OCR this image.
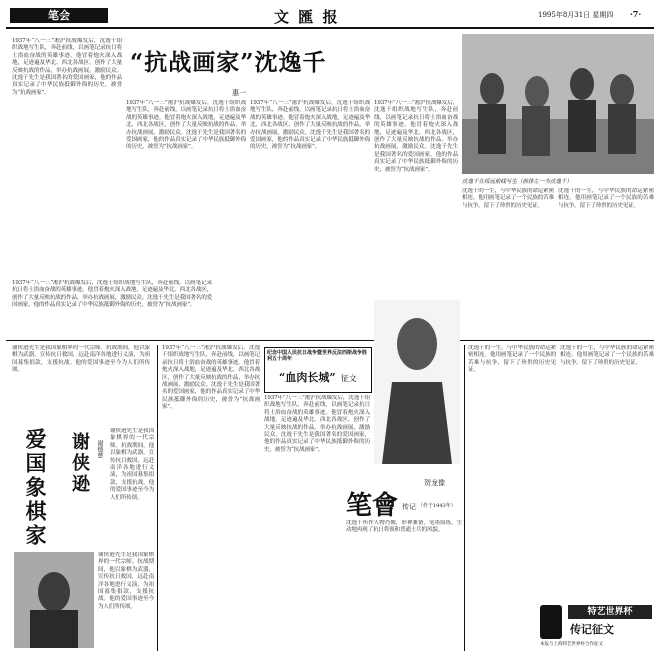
笔会	文 匯 报	1995年8月31日 星期四 ·7·
“抗战画家”沈逸千
惠一
1937年“八一三”凇沪抗战爆发后，沈逸千组织战地写生队，奔赴前线，以画笔记录抗日将士浴血奋战的英雄事迹。他冒着炮火深入战地，足迹遍及华北、西北各战区，创作了大量反映抗战的作品，举办抗战画展，激励民众。沈逸千先生是我国著名的爱国画家，他的作品真实记录了中华民族抵御外侮的历史，被誉为“抗战画家”。
1937年“八一三”凇沪抗战爆发后，沈逸千组织战地写生队，奔赴前线，以画笔记录抗日将士浴血奋战的英雄事迹。他冒着炮火深入战地，足迹遍及华北、西北各战区，创作了大量反映抗战的作品，举办抗战画展，激励民众。沈逸千先生是我国著名的爱国画家，他的作品真实记录了中华民族抵御外侮的历史，被誉为“抗战画家”。
1937年“八一三”凇沪抗战爆发后，沈逸千组织战地写生队，奔赴前线，以画笔记录抗日将士浴血奋战的英雄事迹。他冒着炮火深入战地，足迹遍及华北、西北各战区，创作了大量反映抗战的作品，举办抗战画展，激励民众。沈逸千先生是我国著名的爱国画家，他的作品真实记录了中华民族抵御外侮的历史，被誉为“抗战画家”。
1937年“八一三”凇沪抗战爆发后，沈逸千组织战地写生队，奔赴前线，以画笔记录抗日将士浴血奋战的英雄事迹。他冒着炮火深入战地，足迹遍及华北、西北各战区，创作了大量反映抗战的作品，举办抗战画展，激励民众。沈逸千先生是我国著名的爱国画家，他的作品真实记录了中华民族抵御外侮的历史，被誉为“抗战画家”。
1937年“八一三”凇沪抗战爆发后，沈逸千组织战地写生队，奔赴前线，以画笔记录抗日将士浴血奋战的英雄事迹。他冒着炮火深入战地，足迹遍及华北、西北各战区，创作了大量反映抗战的作品，举办抗战画展，激励民众。沈逸千先生是我国著名的爱国画家，他的作品真实记录了中华民族抵御外侮的历史，被誉为“抗战画家”。
沈逸千在绥远前线写生（前排左一为沈逸千）
沈逸千的一生，与中华民族的命运紧密相连。他用画笔记录了一个民族的苦难与抗争，留下了珍贵的历史见证。
沈逸千的一生，与中华民族的命运紧密相连。他用画笔记录了一个民族的苦难与抗争，留下了珍贵的历史见证。
谢侠逊先生是我国象棋界的一代宗师。抗战期间，他以象棋为武器，宣传抗日救国，远赴南洋各地进行义演，为祖国募集捐款，支援抗战。他的爱国事迹至今为人们所传颂。
爱国象棋家 谢侠逊	谢德慈
谢侠逊先生是我国象棋界的一代宗师。抗战期间，他以象棋为武器，宣传抗日救国，远赴南洋各地进行义演，为祖国募集捐款，支援抗战。他的爱国事迹至今为人们所传颂。
谢侠逊先生是我国象棋界的一代宗师。抗战期间，他以象棋为武器，宣传抗日救国，远赴南洋各地进行义演，为祖国募集捐款，支援抗战。他的爱国事迹至今为人们所传颂。
1937年“八一三”凇沪抗战爆发后，沈逸千组织战地写生队，奔赴前线，以画笔记录抗日将士浴血奋战的英雄事迹。他冒着炮火深入战地，足迹遍及华北、西北各战区，创作了大量反映抗战的作品，举办抗战画展，激励民众。沈逸千先生是我国著名的爱国画家，他的作品真实记录了中华民族抵御外侮的历史，被誉为“抗战画家”。
纪念中国人民抗日战争暨世界反法西斯战争胜利五十周年
“血肉长城” 征文
1937年“八一三”凇沪抗战爆发后，沈逸千组织战地写生队，奔赴前线，以画笔记录抗日将士浴血奋战的英雄事迹。他冒着炮火深入战地，足迹遍及华北、西北各战区，创作了大量反映抗战的作品，举办抗战画展，激励民众。沈逸千先生是我国著名的爱国画家，他的作品真实记录了中华民族抵御外侮的历史，被誉为“抗战画家”。
笔會 传记
贺龙像
（作于1943年）
沈逸千所作人物肖像，形神兼备，笔墨简练，生动地再现了抗日将领和普通士兵的风貌。
沈逸千的一生，与中华民族的命运紧密相连。他用画笔记录了一个民族的苦难与抗争，留下了珍贵的历史见证。
沈逸千的一生，与中华民族的命运紧密相连。他用画笔记录了一个民族的苦难与抗争，留下了珍贵的历史见证。
特艺世界杯
传记征文
本报与上海特艺世界杯合作征文
